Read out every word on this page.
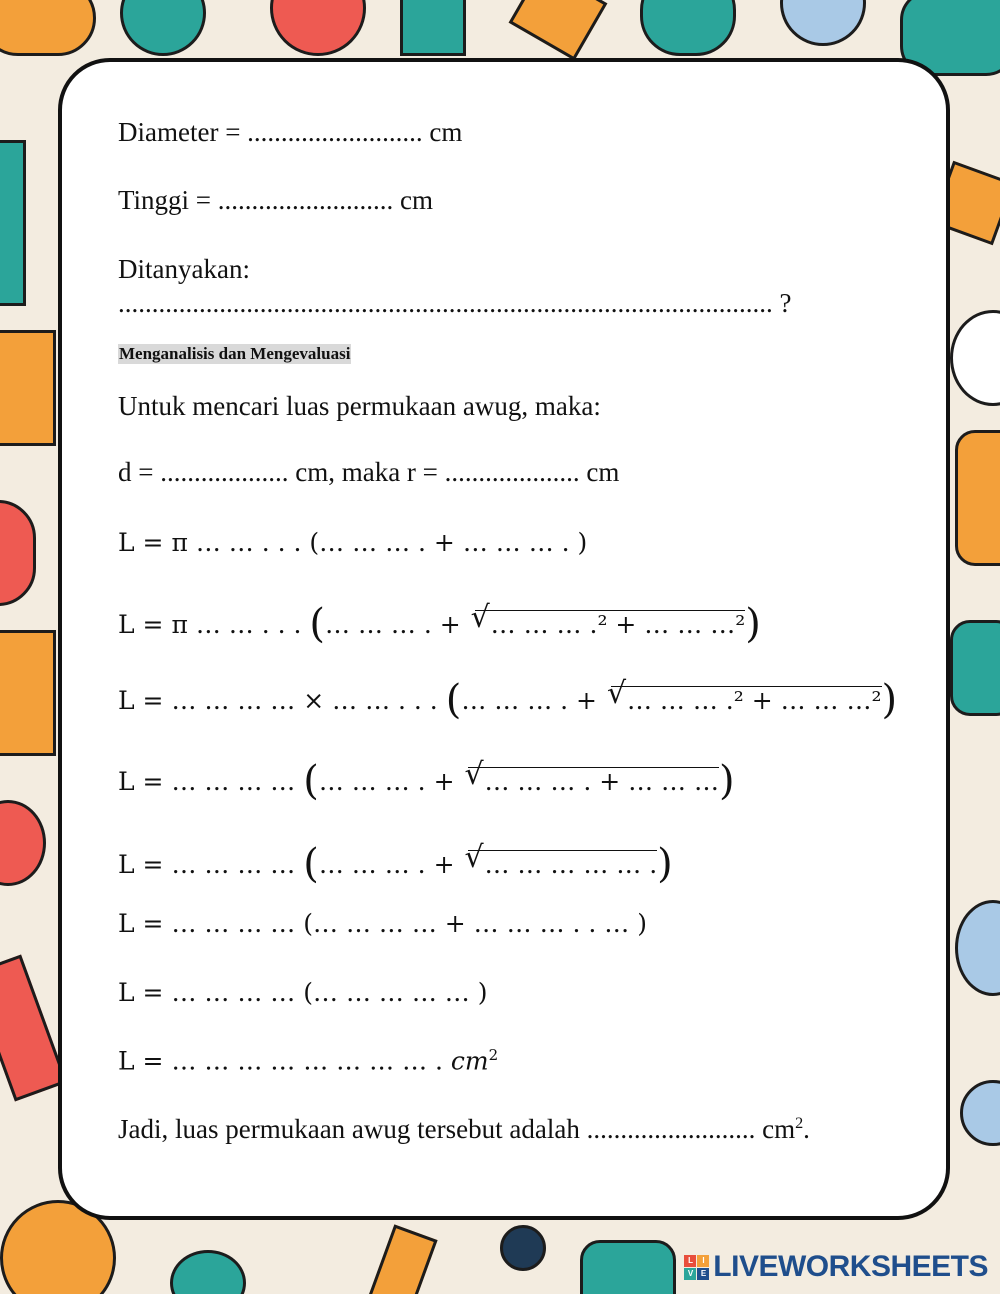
Diameter = .......................... cm
Tinggi = .......................... cm
Ditanyakan:
................................................................................................. ?
Menganalisis dan Mengevaluasi
Untuk mencari luas permukaan awug, maka:
d = ................... cm, maka r = .................... cm
L = π … … . . . (… … … . + … … … . )
L = π … … . . . (… … … . + √ … … … .² + … … …²)
L = … … … … × … … . . . (… … … . + √ … … … .² + … … …²)
L = … … … … (… … … . + √ … … … . + … … …)
L = … … … … (… … … . + √ … … … … … .)
L = … … … … (… … … … + … … … . . … )
L = … … … … (… … … … … )
L = … … … … … … … … . $cm^2$
Jadi, luas permukaan awug tersebut adalah ......................... $cm^2$.
L	I
V	E LIVEWORKSHEETS
